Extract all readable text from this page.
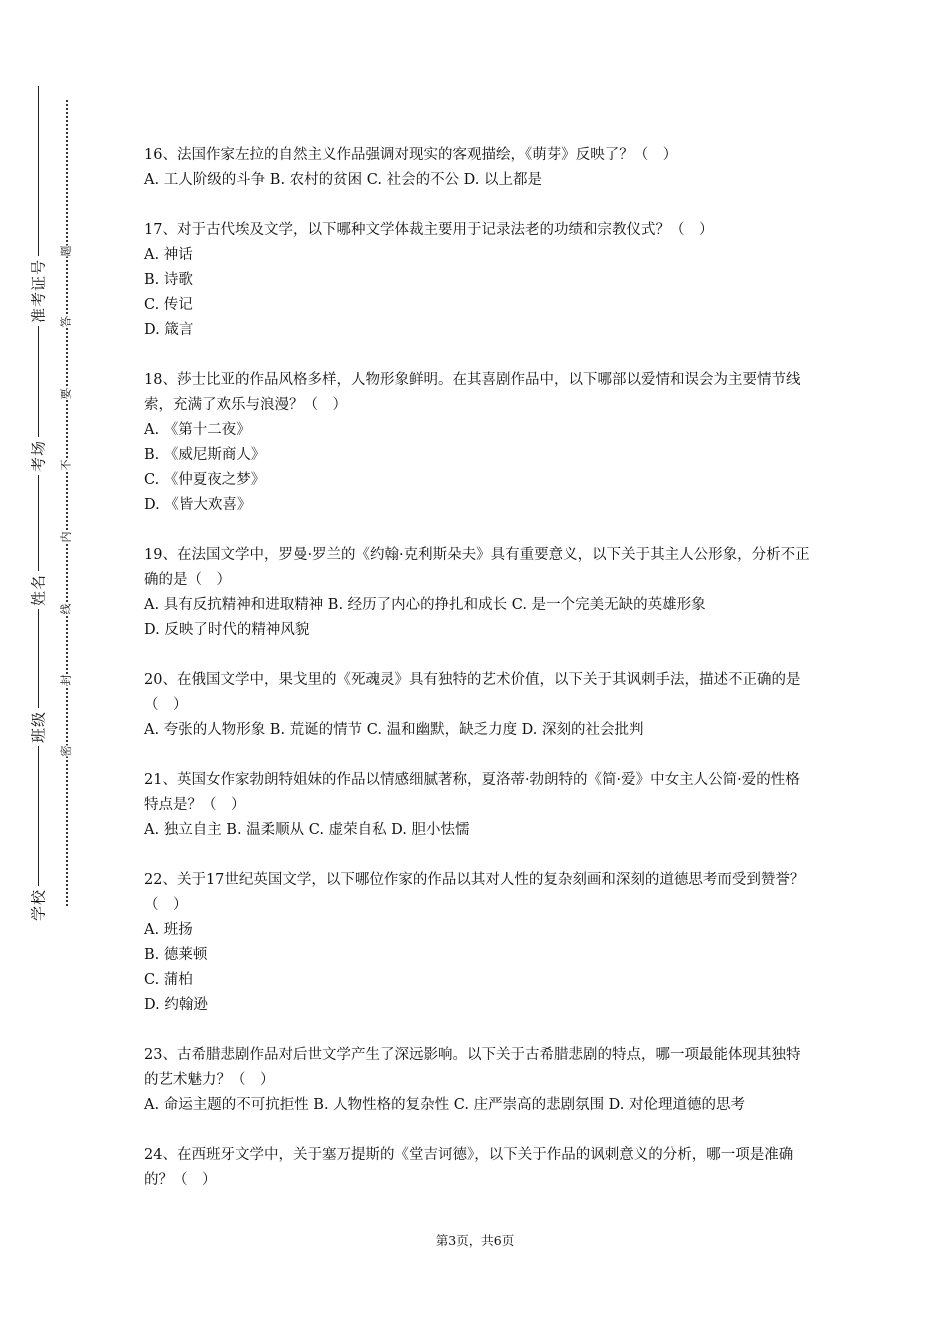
准考证号
考场
姓名
班级
学校
题
答
要
不
内
线
封
密

16、法国作家左拉的自然主义作品强调对现实的客观描绘，《萌芽》反映了？（　）

A. 工人阶级的斗争 B. 农村的贫困 C. 社会的不公 D. 以上都是

17、对于古代埃及文学，以下哪种文学体裁主要用于记录法老的功绩和宗教仪式？（　）

A. 神话

B. 诗歌

C. 传记

D. 箴言

18、莎士比亚的作品风格多样，人物形象鲜明。在其喜剧作品中，以下哪部以爱情和误会为主要情节线索，充满了欢乐与浪漫？（　）

A. 《第十二夜》

B. 《威尼斯商人》

C. 《仲夏夜之梦》

D. 《皆大欢喜》

19、在法国文学中，罗曼·罗兰的《约翰·克利斯朵夫》具有重要意义，以下关于其主人公形象，分析不正确的是（　）

A. 具有反抗精神和进取精神 B. 经历了内心的挣扎和成长 C. 是一个完美无缺的英雄形象

D. 反映了时代的精神风貌

20、在俄国文学中，果戈里的《死魂灵》具有独特的艺术价值，以下关于其讽刺手法，描述不正确的是（　）

A. 夸张的人物形象 B. 荒诞的情节 C. 温和幽默，缺乏力度 D. 深刻的社会批判

21、英国女作家勃朗特姐妹的作品以情感细腻著称，夏洛蒂·勃朗特的《简·爱》中女主人公简·爱的性格特点是？（　）

A. 独立自主 B. 温柔顺从 C. 虚荣自私 D. 胆小怯懦

22、关于17世纪英国文学，以下哪位作家的作品以其对人性的复杂刻画和深刻的道德思考而受到赞誉？（　）

A. 班扬

B. 德莱顿

C. 蒲柏

D. 约翰逊

23、古希腊悲剧作品对后世文学产生了深远影响。以下关于古希腊悲剧的特点，哪一项最能体现其独特的艺术魅力？（　）

A. 命运主题的不可抗拒性 B. 人物性格的复杂性 C. 庄严崇高的悲剧氛围 D. 对伦理道德的思考

24、在西班牙文学中，关于塞万提斯的《堂吉诃德》，以下关于作品的讽刺意义的分析，哪一项是准确的？（　）

第3页，共6页
